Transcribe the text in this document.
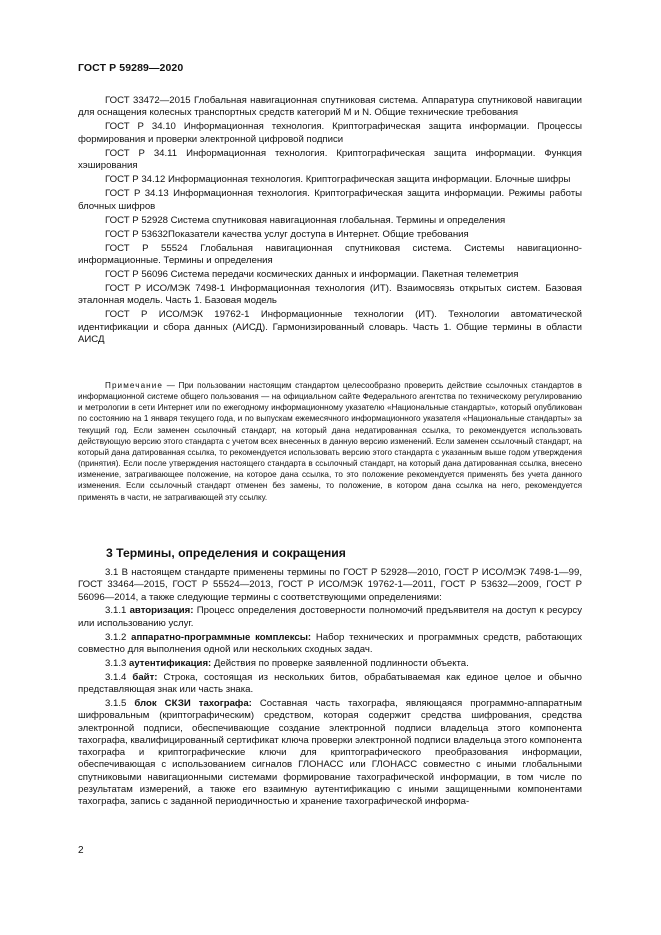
ГОСТ Р 59289—2020

ГОСТ 33472—2015 Глобальная навигационная спутниковая система. Аппаратура спутниковой навигации для оснащения колесных транспортных средств категорий M и N. Общие технические требования

ГОСТ Р 34.10 Информационная технология. Криптографическая защита информации. Процессы формирования и проверки электронной цифровой подписи

ГОСТ Р 34.11 Информационная технология. Криптографическая защита информации. Функция хэширования

ГОСТ Р 34.12 Информационная технология. Криптографическая защита информации. Блочные шифры

ГОСТ Р 34.13 Информационная технология. Криптографическая защита информации. Режимы работы блочных шифров

ГОСТ Р 52928 Система спутниковая навигационная глобальная. Термины и определения

ГОСТ Р 53632Показатели качества услуг доступа в Интернет. Общие требования

ГОСТ Р 55524 Глобальная навигационная спутниковая система. Системы навигационно-информационные. Термины и определения

ГОСТ Р 56096 Система передачи космических данных и информации. Пакетная телеметрия

ГОСТ Р ИСО/МЭК 7498-1 Информационная технология (ИТ). Взаимосвязь открытых систем. Базовая эталонная модель. Часть 1. Базовая модель

ГОСТ Р ИСО/МЭК 19762-1 Информационные технологии (ИТ). Технологии автоматической идентификации и сбора данных (АИСД). Гармонизированный словарь. Часть 1. Общие термины в области АИСД

Примечание — При пользовании настоящим стандартом целесообразно проверить действие ссылочных стандартов в информационной системе общего пользования — на официальном сайте Федерального агентства по техническому регулированию и метрологии в сети Интернет или по ежегодному информационному указателю «Национальные стандарты», который опубликован по состоянию на 1 января текущего года, и по выпускам ежемесячного информационного указателя «Национальные стандарты» за текущий год. Если заменен ссылочный стандарт, на который дана недатированная ссылка, то рекомендуется использовать действующую версию этого стандарта с учетом всех внесенных в данную версию изменений. Если заменен ссылочный стандарт, на который дана датированная ссылка, то рекомендуется использовать версию этого стандарта с указанным выше годом утверждения (принятия). Если после утверждения настоящего стандарта в ссылочный стандарт, на который дана датированная ссылка, внесено изменение, затрагивающее положение, на которое дана ссылка, то это положение рекомендуется применять без учета данного изменения. Если ссылочный стандарт отменен без замены, то положение, в котором дана ссылка на него, рекомендуется применять в части, не затрагивающей эту ссылку.

3 Термины, определения и сокращения

3.1 В настоящем стандарте применены термины по ГОСТ Р 52928—2010, ГОСТ Р ИСО/МЭК 7498-1—99, ГОСТ 33464—2015, ГОСТ Р 55524—2013, ГОСТ Р ИСО/МЭК 19762-1—2011, ГОСТ Р 53632—2009, ГОСТ Р 56096—2014, а также следующие термины с соответствующими определениями:

3.1.1 авторизация: Процесс определения достоверности полномочий предъявителя на доступ к ресурсу или использованию услуг.

3.1.2 аппаратно-программные комплексы: Набор технических и программных средств, работающих совместно для выполнения одной или нескольких сходных задач.

3.1.3 аутентификация: Действия по проверке заявленной подлинности объекта.

3.1.4 байт: Строка, состоящая из нескольких битов, обрабатываемая как единое целое и обычно представляющая знак или часть знака.

3.1.5 блок СКЗИ тахографа: Составная часть тахографа, являющаяся программно-аппаратным шифровальным (криптографическим) средством, которая содержит средства шифрования, средства электронной подписи, обеспечивающие создание электронной подписи владельца этого компонента тахографа, квалифицированный сертификат ключа проверки электронной подписи владельца этого компонента тахографа и криптографические ключи для криптографического преобразования информации, обеспечивающая с использованием сигналов ГЛОНАСС или ГЛОНАСС совместно с иными глобальными спутниковыми навигационными системами формирование тахографической информации, в том числе по результатам измерений, а также его взаимную аутентификацию с иными защищенными компонентами тахографа, запись с заданной периодичностью и хранение тахографической информа-

2
